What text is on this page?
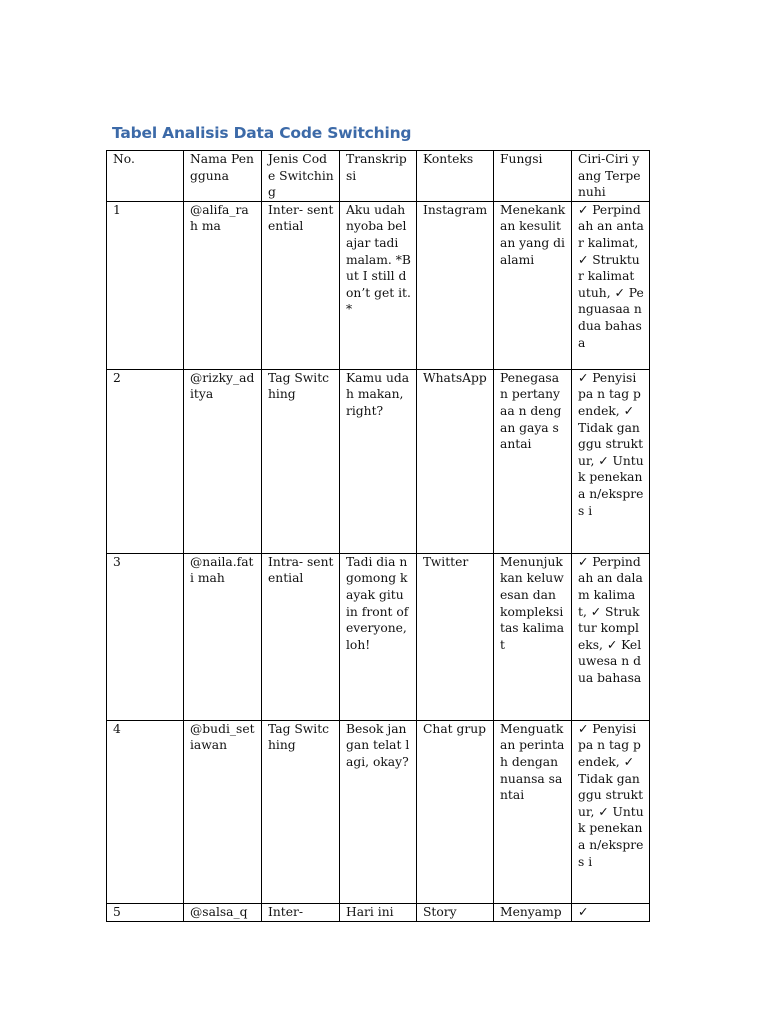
Tabel Analisis Data Code Switching
No.	Nama Pengguna	Jenis Code Switching	Transkrip si	Konteks	Fungsi	Ciri-Ciri yang Terpenuhi
1	@alifa_rah ma	Inter- sentential	Aku udah nyoba belajar tadi malam. *But I still don’t get it.*	Instagram	Menekank an kesulitan yang dialami	✓ Perpindah an antar kalimat, ✓ Struktur kalimat utuh, ✓ Penguasaa n dua bahasa
2	@rizky_ad itya	Tag Switching	Kamu udah makan, right?	WhatsApp	Penegasan pertanyaa n dengan gaya santai	✓ Penyisipa n tag pendek, ✓ Tidak ganggu struktur, ✓ Untuk penekana n/ekspres i
3	@naila.fati mah	Intra- sentential	Tadi dia ngomong kayak gitu in front of everyone, loh!	Twitter	Menunjuk kan keluwesan dan kompleksi tas kalimat	✓ Perpindah an dalam kalimat, ✓ Struktur kompleks, ✓ Keluwesa n dua bahasa
4	@budi_set iawan	Tag Switching	Besok jangan telat lagi, okay?	Chat grup	Menguatk an perintah dengan nuansa santai	✓ Penyisipa n tag pendek, ✓ Tidak ganggu struktur, ✓ Untuk penekana n/ekspres i
5	@salsa_q	Inter-	Hari ini	Story	Menyamp	✓
